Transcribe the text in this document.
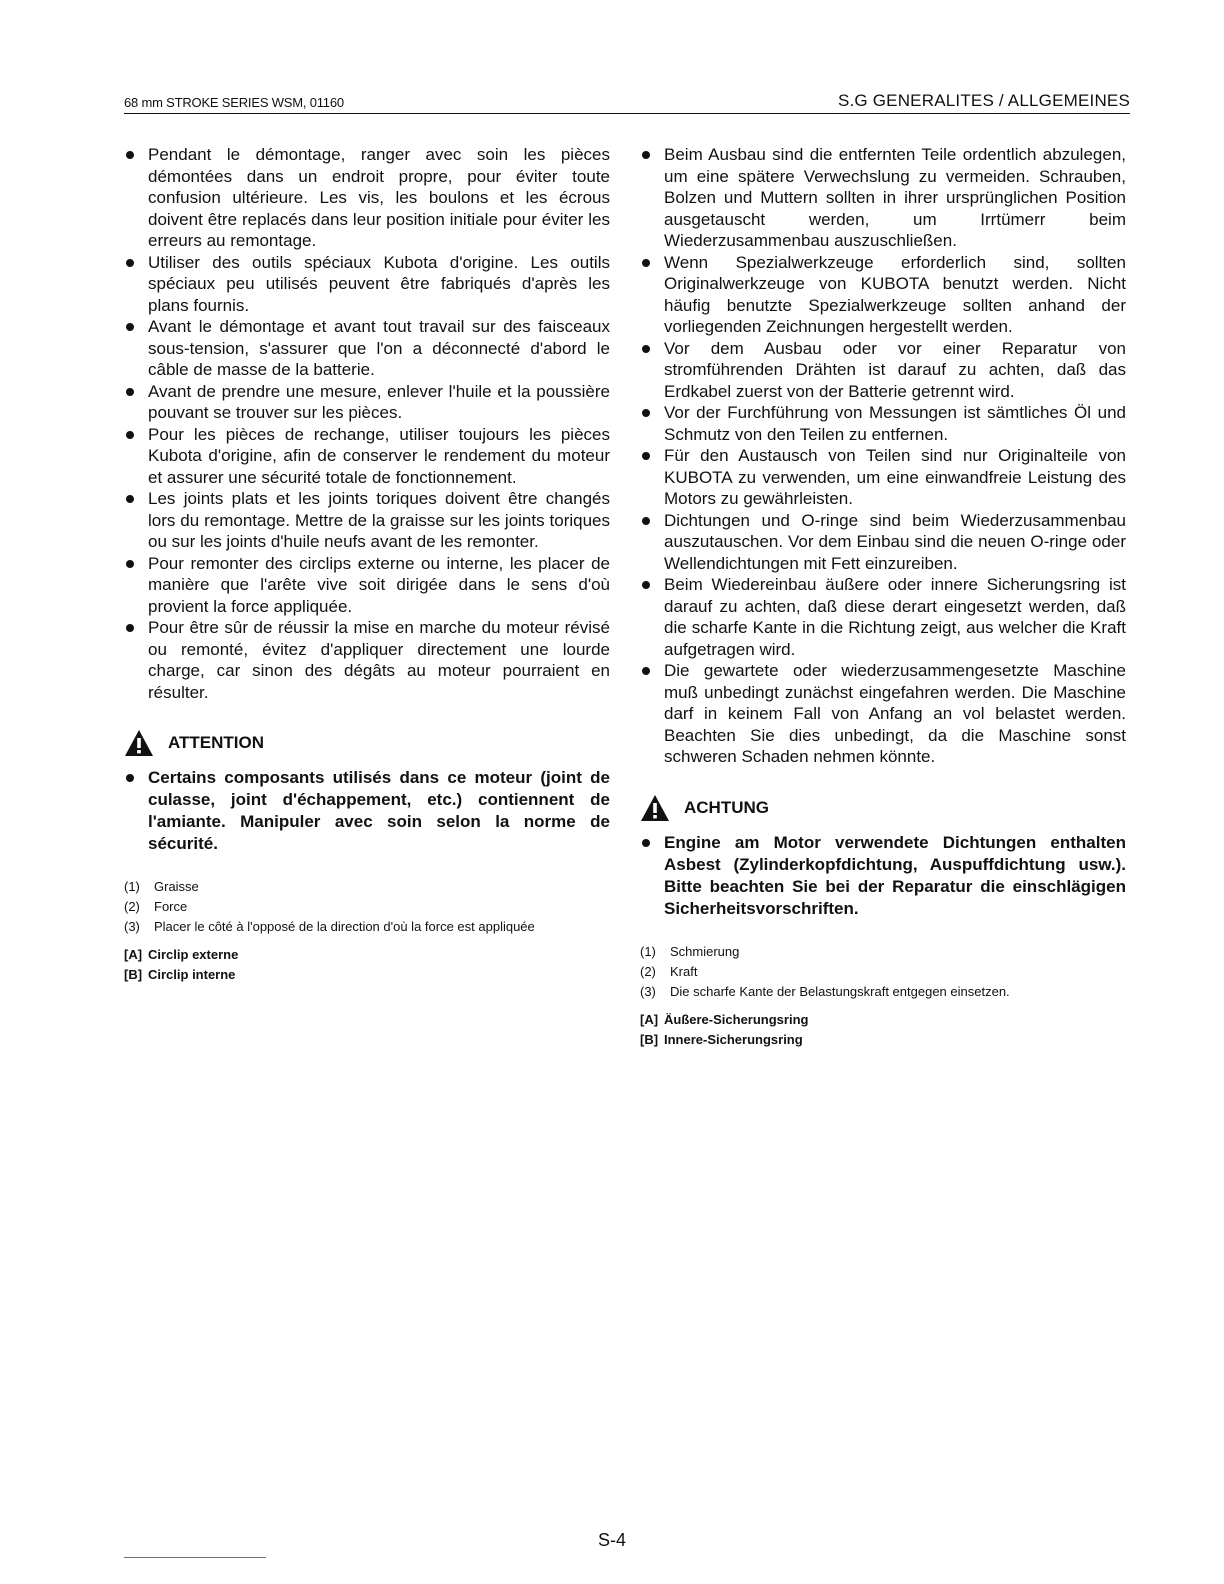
68 mm STROKE SERIES WSM, 01160	S.G GENERALITES / ALLGEMEINES
Pendant le démontage, ranger avec soin les pièces démontées dans un endroit propre, pour éviter toute confusion ultérieure. Les vis, les boulons et les écrous doivent être replacés dans leur position initiale pour éviter les erreurs au remontage.
Utiliser des outils spéciaux Kubota d'origine. Les outils spéciaux peu utilisés peuvent être fabriqués d'après les plans fournis.
Avant le démontage et avant tout travail sur des faisceaux sous-tension, s'assurer que l'on a déconnecté d'abord le câble de masse de la batterie.
Avant de prendre une mesure, enlever l'huile et la poussière pouvant se trouver sur les pièces.
Pour les pièces de rechange, utiliser toujours les pièces Kubota d'origine, afin de conserver le rendement du moteur et assurer une sécurité totale de fonctionnement.
Les joints plats et les joints toriques doivent être changés lors du remontage. Mettre de la graisse sur les joints toriques ou sur les joints d'huile neufs avant de les remonter.
Pour remonter des circlips externe ou interne, les placer de manière que l'arête vive soit dirigée dans le sens d'où provient la force appliquée.
Pour être sûr de réussir la mise en marche du moteur révisé ou remonté, évitez d'appliquer directement une lourde charge, car sinon des dégâts au moteur pourraient en résulter.
ATTENTION
Certains composants utilisés dans ce moteur (joint de culasse, joint d'échappement, etc.) contiennent de l'amiante. Manipuler avec soin selon la norme de sécurité.
(1)	Graisse
(2)	Force
(3)	Placer le côté à l'opposé de la direction d'où la force est appliquée
[A] Circlip externe
[B] Circlip interne
Beim Ausbau sind die entfernten Teile ordentlich abzulegen, um eine spätere Verwechslung zu vermeiden. Schrauben, Bolzen und Muttern sollten in ihrer ursprünglichen Position ausgetauscht werden, um Irrtümerr beim Wiederzusammenbau auszuschließen.
Wenn Spezialwerkzeuge erforderlich sind, sollten Originalwerkzeuge von KUBOTA benutzt werden. Nicht häufig benutzte Spezialwerkzeuge sollten anhand der vorliegenden Zeichnungen hergestellt werden.
Vor dem Ausbau oder vor einer Reparatur von stromführenden Drähten ist darauf zu achten, daß das Erdkabel zuerst von der Batterie getrennt wird.
Vor der Furchführung von Messungen ist sämtliches Öl und Schmutz von den Teilen zu entfernen.
Für den Austausch von Teilen sind nur Originalteile von KUBOTA zu verwenden, um eine einwandfreie Leistung des Motors zu gewährleisten.
Dichtungen und O-ringe sind beim Wiederzusammenbau auszutauschen. Vor dem Einbau sind die neuen O-ringe oder Wellendichtungen mit Fett einzureiben.
Beim Wiedereinbau äußere oder innere Sicherungsring ist darauf zu achten, daß diese derart eingesetzt werden, daß die scharfe Kante in die Richtung zeigt, aus welcher die Kraft aufgetragen wird.
Die gewartete oder wiederzusammengesetzte Maschine muß unbedingt zunächst eingefahren werden. Die Maschine darf in keinem Fall von Anfang an vol belastet werden. Beachten Sie dies unbedingt, da die Maschine sonst schweren Schaden nehmen könnte.
ACHTUNG
Engine am Motor verwendete Dichtungen enthalten Asbest (Zylinderkopfdichtung, Auspuffdichtung usw.). Bitte beachten Sie bei der Reparatur die einschlägigen Sicherheitsvorschriften.
(1)	Schmierung
(2)	Kraft
(3)	Die scharfe Kante der Belastungskraft entgegen einsetzen.
[A] Äußere-Sicherungsring
[B] Innere-Sicherungsring
S-4
